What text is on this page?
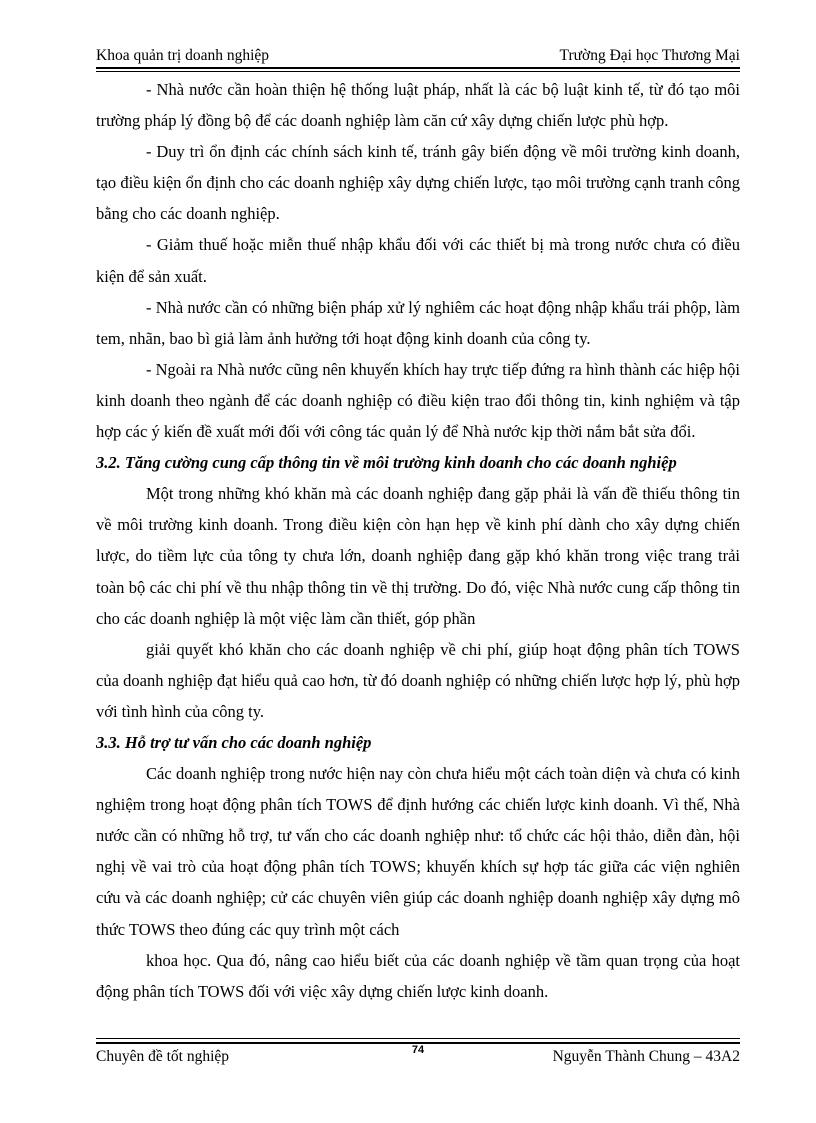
Khoa quản trị doanh nghiệp	Trường Đại học Thương Mại

- Nhà nước cần hoàn thiện hệ thống luật pháp, nhất là các bộ luật kinh tế, từ đó tạo môi trường pháp lý đồng bộ để các doanh nghiệp làm căn cứ xây dựng chiến lược phù hợp.

- Duy trì ổn định các chính sách kinh tế, tránh gây biến động về môi trường kinh doanh, tạo điều kiện ổn định cho các doanh nghiệp xây dựng chiến lược, tạo môi trường cạnh tranh công bằng cho các doanh nghiệp.

- Giảm thuế hoặc miễn thuế nhập khẩu đối với các thiết bị mà trong nước chưa có điều kiện để sản xuất.

- Nhà nước cần có những biện pháp xử lý nghiêm các hoạt động nhập khẩu trái phộp, làm tem, nhãn, bao bì giả làm ảnh hưởng tới hoạt động kinh doanh của công ty.

- Ngoài ra Nhà nước cũng nên khuyến khích hay trực tiếp đứng ra hình thành các hiệp hội kinh doanh theo ngành để các doanh nghiệp có điều kiện trao đổi thông tin, kinh nghiệm và tập hợp các ý kiến đề xuất mới đối với công tác quản lý để Nhà nước kịp thời nắm bắt sửa đổi.

3.2. Tăng cường cung cấp thông tin về môi trường kinh doanh cho các doanh nghiệp

Một trong những khó khăn mà các doanh nghiệp đang gặp phải là vấn đề thiếu thông tin về môi trường kinh doanh. Trong điều kiện còn hạn hẹp về kinh phí dành cho xây dựng chiến lược, do tiềm lực của tông ty chưa lớn, doanh nghiệp đang gặp khó khăn trong việc trang trải toàn bộ các chi phí về thu nhập thông tin về thị trường. Do đó, việc Nhà nước cung cấp thông tin cho các doanh nghiệp là một việc làm cần thiết, góp phần

giải quyết khó khăn cho các doanh nghiệp về chi phí, giúp hoạt động phân tích TOWS của doanh nghiệp đạt hiểu quả cao hơn, từ đó doanh nghiệp có những chiến lược hợp lý, phù hợp với tình hình của công ty.

3.3. Hỗ trợ tư vấn cho các doanh nghiệp

Các doanh nghiệp trong nước hiện nay còn chưa hiểu một cách toàn diện và chưa có kinh nghiệm trong hoạt động phân tích TOWS để định hướng các chiến lược kinh doanh. Vì thế, Nhà nước cần có những hỗ trợ, tư vấn cho các doanh nghiệp như: tổ chức các hội thảo, diễn đàn, hội nghị về vai trò của hoạt động phân tích TOWS; khuyến khích sự hợp tác giữa các viện nghiên cứu và các doanh nghiệp; cử các chuyên viên giúp các doanh nghiệp doanh nghiệp xây dựng mô thức TOWS theo đúng các quy trình một cách

khoa học. Qua đó, nâng cao hiểu biết của các doanh nghiệp về tầm quan trọng của hoạt động phân tích TOWS đối với việc xây dựng chiến lược kinh doanh.

Chuyên đề tốt nghiệp	74	Nguyễn Thành Chung – 43A2
